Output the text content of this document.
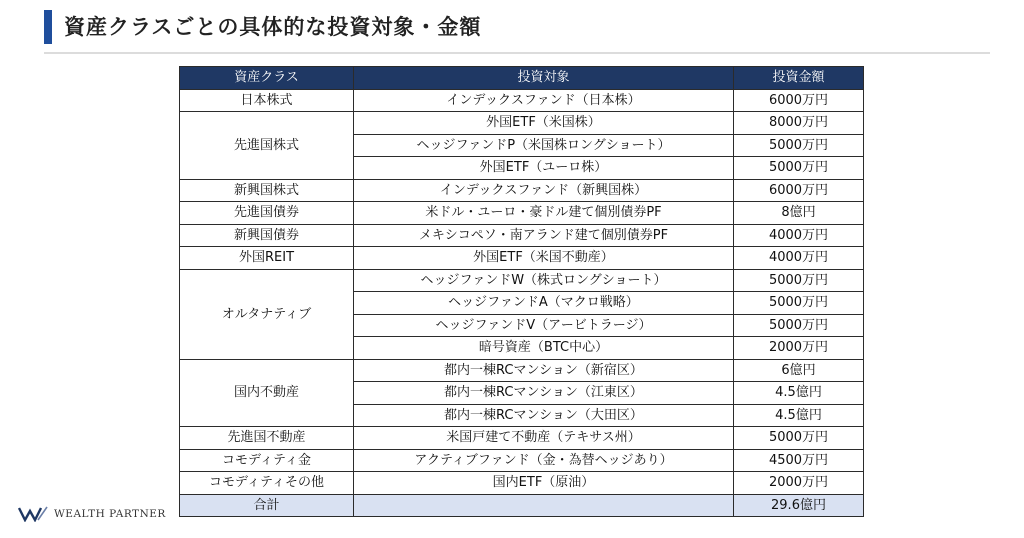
資産クラスごとの具体的な投資対象・金額
資産クラス	投資対象	投資金額
日本株式	インデックスファンド（日本株）	6000万円
先進国株式	外国ETF（米国株）	8000万円
	ヘッジファンドP（米国株ロングショート）	5000万円
	外国ETF（ユーロ株）	5000万円
新興国株式	インデックスファンド（新興国株）	6000万円
先進国債券	米ドル・ユーロ・豪ドル建て個別債券PF	8億円
新興国債券	メキシコペソ・南アランド建て個別債券PF	4000万円
外国REIT	外国ETF（米国不動産）	4000万円
オルタナティブ	ヘッジファンドW（株式ロングショート）	5000万円
	ヘッジファンドA（マクロ戦略）	5000万円
	ヘッジファンドV（アービトラージ）	5000万円
	暗号資産（BTC中心）	2000万円
国内不動産	都内一棟RCマンション（新宿区）	6億円
	都内一棟RCマンション（江東区）	4.5億円
	都内一棟RCマンション（大田区）	4.5億円
先進国不動産	米国戸建て不動産（テキサス州）	5000万円
コモディティ金	アクティブファンド（金・為替ヘッジあり）	4500万円
コモディティその他	国内ETF（原油）	2000万円
合計		29.6億円
WEALTH PARTNER
